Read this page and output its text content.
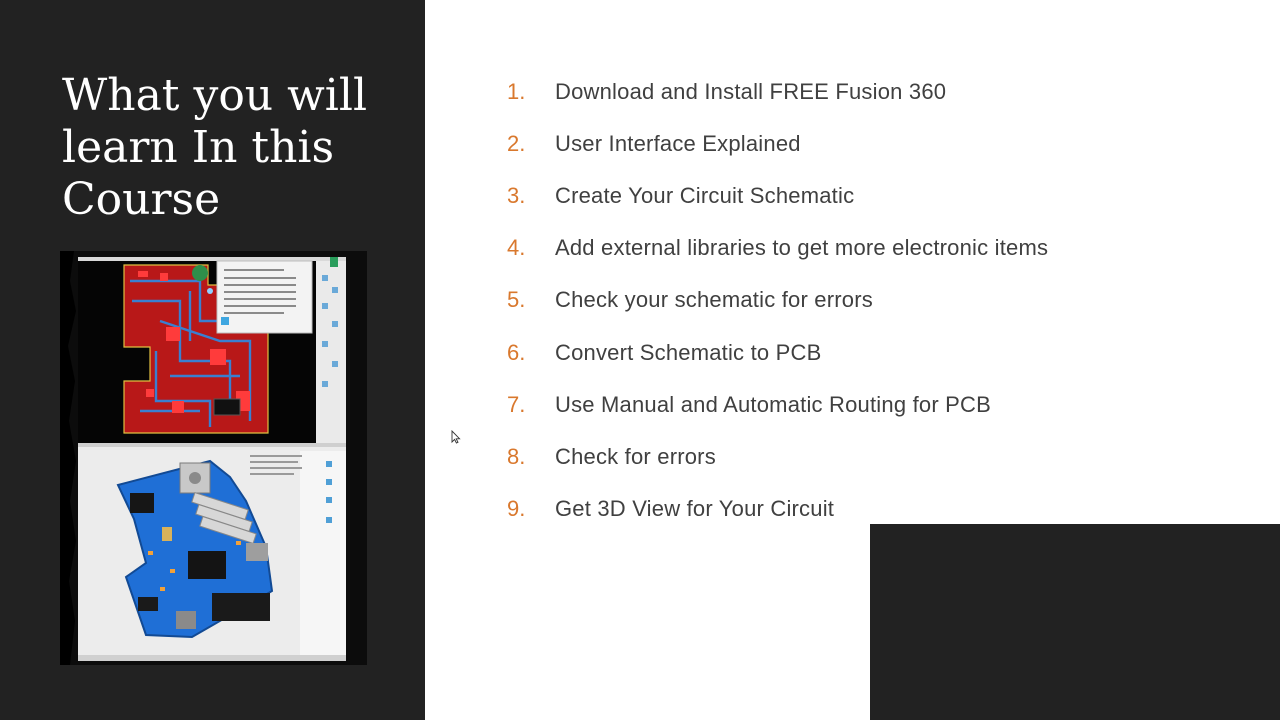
What you will learn In this Course
1.	Download and Install FREE Fusion 360
2.	User Interface Explained
3.	Create Your Circuit Schematic
4.	Add external libraries to get more electronic items
5.	Check your schematic for errors
6.	Convert Schematic to PCB
7.	Use Manual and Automatic Routing for PCB
8.	Check for errors
9.	Get 3D View for Your Circuit
